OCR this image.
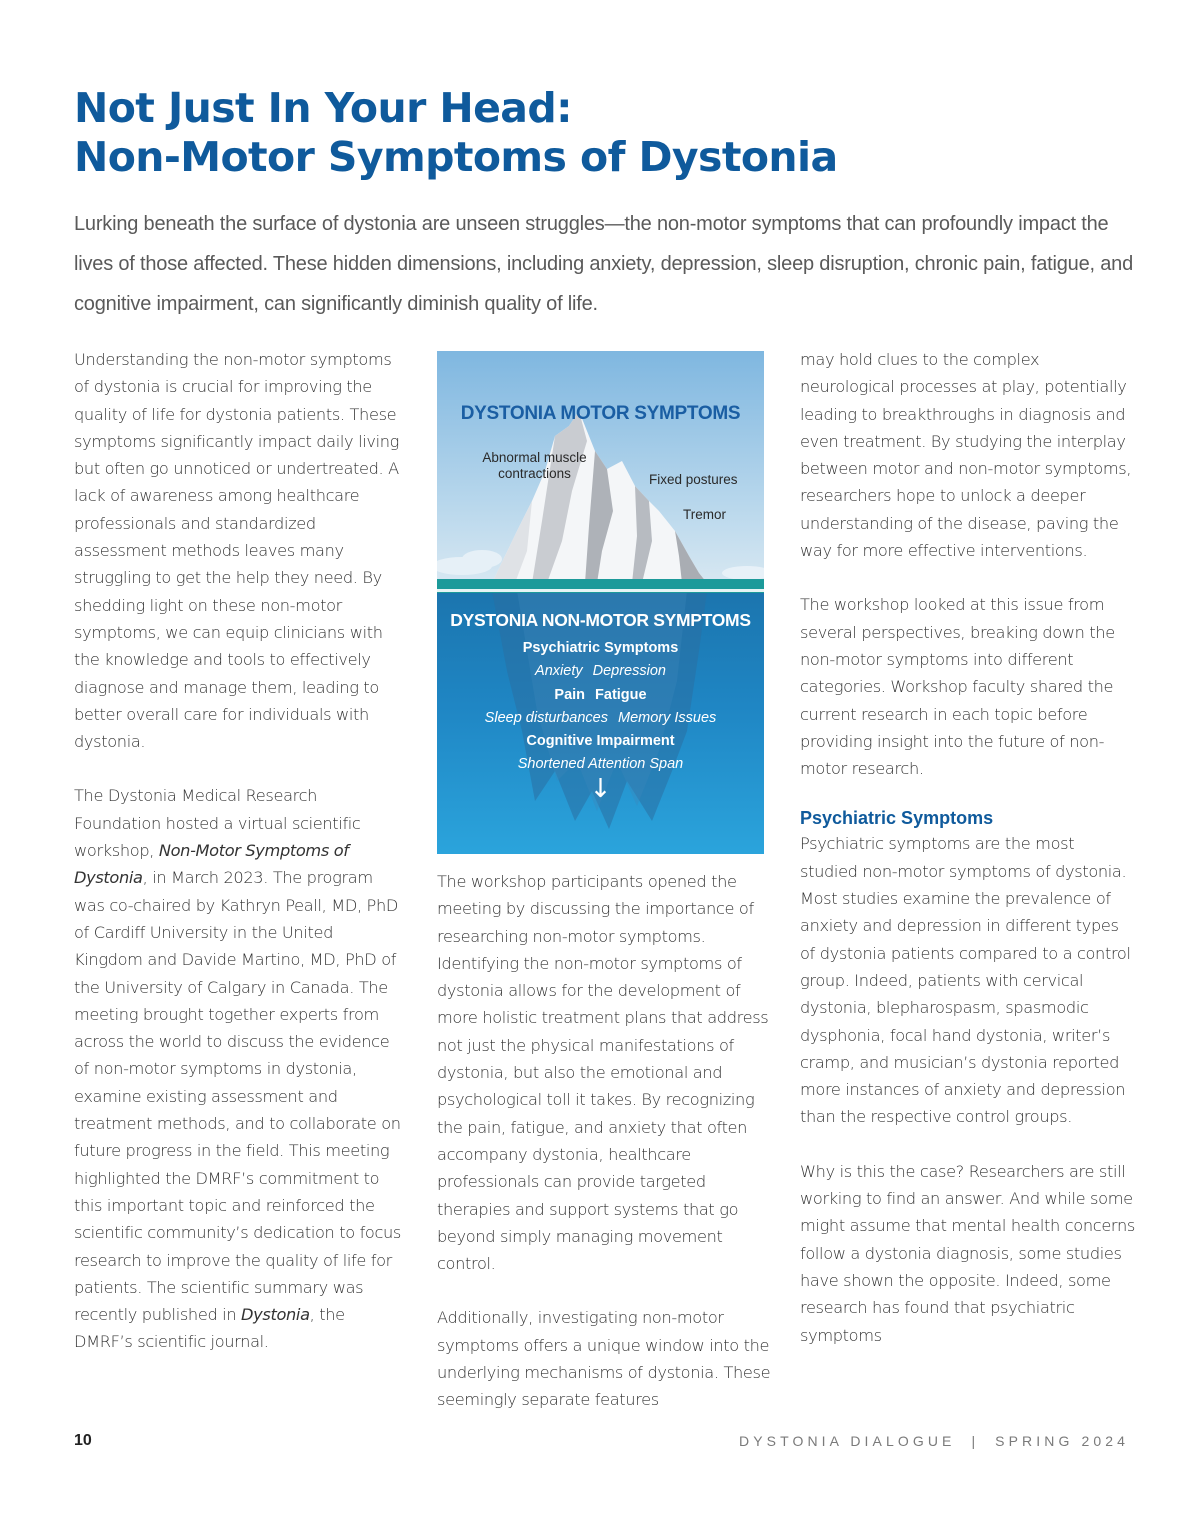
Not Just In Your Head:
Non-Motor Symptoms of Dystonia

Lurking beneath the surface of dystonia are unseen struggles—the non-motor symptoms that can profoundly impact the lives of those affected. These hidden dimensions, including anxiety, depression, sleep disruption, chronic pain, fatigue, and cognitive impairment, can significantly diminish quality of life.

Understanding the non-motor symptoms of dystonia is crucial for improving the quality of life for dystonia patients. These symptoms significantly impact daily living but often go unnoticed or undertreated. A lack of awareness among healthcare professionals and standardized assessment methods leaves many struggling to get the help they need. By shedding light on these non-motor symptoms, we can equip clinicians with the knowledge and tools to effectively diagnose and manage them, leading to better overall care for individuals with dystonia.

The Dystonia Medical Research Foundation hosted a virtual scientific workshop, Non-Motor Symptoms of Dystonia, in March 2023. The program was co-chaired by Kathryn Peall, MD, PhD of Cardiff University in the United Kingdom and Davide Martino, MD, PhD of the University of Calgary in Canada. The meeting brought together experts from across the world to discuss the evidence of non-motor symptoms in dystonia, examine existing assessment and treatment methods, and to collaborate on future progress in the field. This meeting highlighted the DMRF’s commitment to this important topic and reinforced the scientific community’s dedication to focus research to improve the quality of life for patients. The scientific summary was recently published in Dystonia, the DMRF’s scientific journal.

DYSTONIA MOTOR SYMPTOMS
Abnormal muscle
contractions	Fixed postures
Tremor
DYSTONIA NON-MOTOR SYMPTOMS
Psychiatric Symptoms
Anxiety Depression
Pain Fatigue
Sleep disturbances Memory Issues
Cognitive Impairment
Shortened Attention Span
↓

The workshop participants opened the meeting by discussing the importance of researching non-motor symptoms. Identifying the non-motor symptoms of dystonia allows for the development of more holistic treatment plans that address not just the physical manifestations of dystonia, but also the emotional and psychological toll it takes. By recognizing the pain, fatigue, and anxiety that often accompany dystonia, healthcare professionals can provide targeted therapies and support systems that go beyond simply managing movement control.

Additionally, investigating non-motor symptoms offers a unique window into the underlying mechanisms of dystonia. These seemingly separate features

may hold clues to the complex neurological processes at play, potentially leading to breakthroughs in diagnosis and even treatment. By studying the interplay between motor and non-motor symptoms, researchers hope to unlock a deeper understanding of the disease, paving the way for more effective interventions.

The workshop looked at this issue from several perspectives, breaking down the non-motor symptoms into different categories. Workshop faculty shared the current research in each topic before providing insight into the future of non-motor research.

Psychiatric Symptoms

Psychiatric symptoms are the most studied non-motor symptoms of dystonia. Most studies examine the prevalence of anxiety and depression in different types of dystonia patients compared to a control group. Indeed, patients with cervical dystonia, blepharospasm, spasmodic dysphonia, focal hand dystonia, writer’s cramp, and musician’s dystonia reported more instances of anxiety and depression than the respective control groups.

Why is this the case? Researchers are still working to find an answer. And while some might assume that mental health concerns follow a dystonia diagnosis, some studies have shown the opposite. Indeed, some research has found that psychiatric symptoms

10	DYSTONIA DIALOGUE  |  SPRING 2024
